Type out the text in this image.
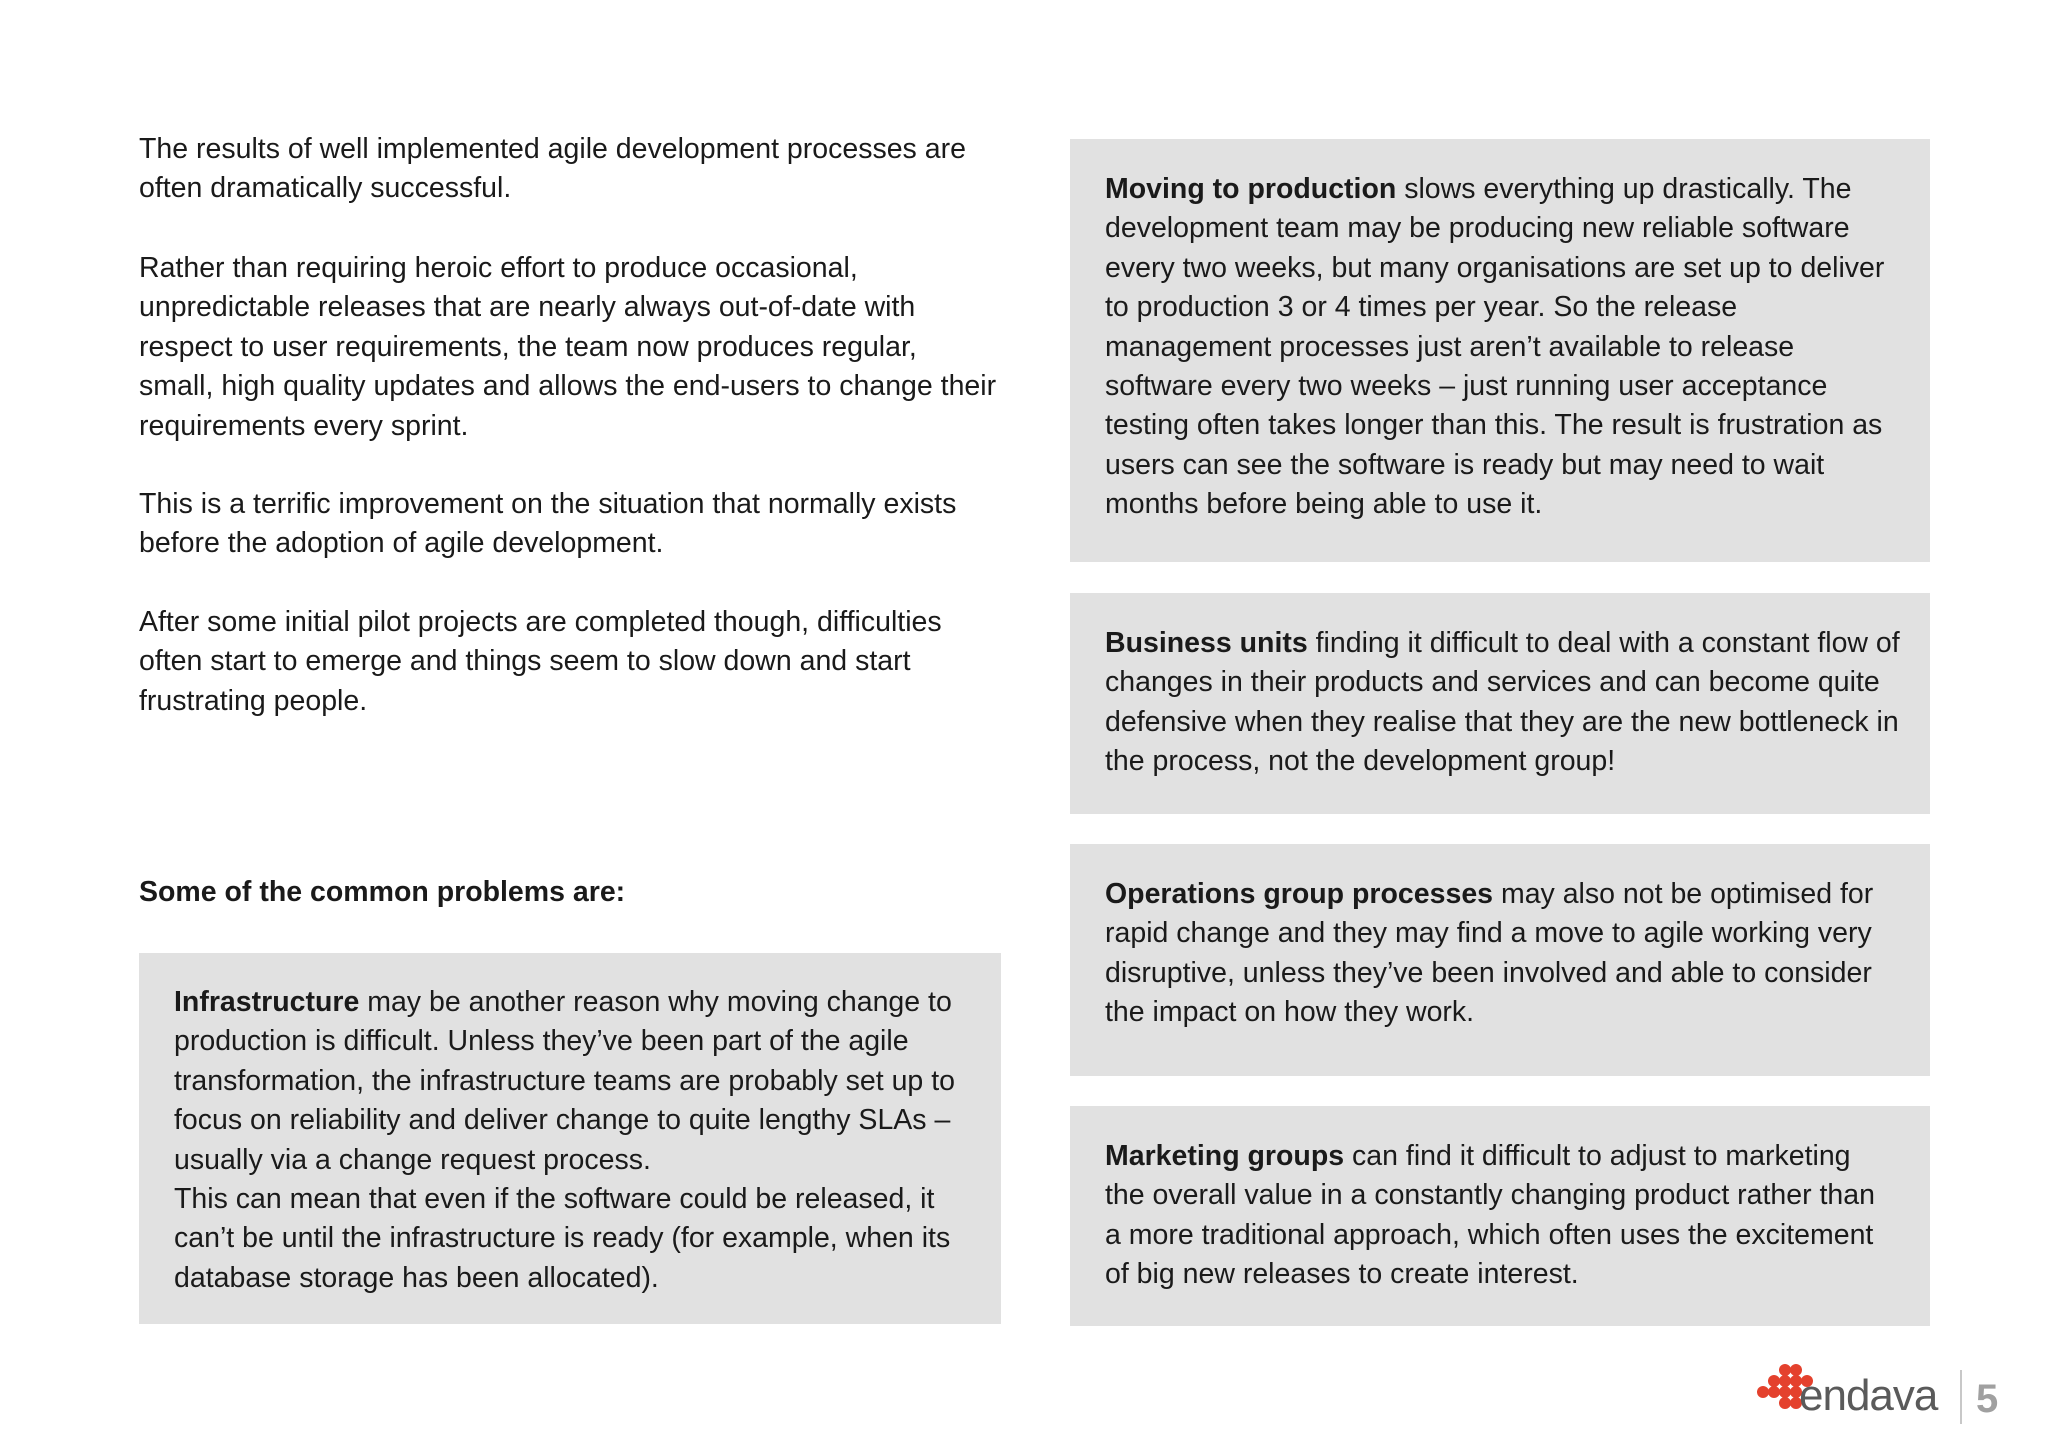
The results of well implemented agile development processes are often dramatically successful.

Rather than requiring heroic effort to produce occasional, unpredictable releases that are nearly always out-of-date with respect to user requirements, the team now produces regular, small, high quality updates and allows the end-users to change their requirements every sprint.

This is a terrific improvement on the situation that normally exists before the adoption of agile development.

After some initial pilot projects are completed though, difficulties often start to emerge and things seem to slow down and start frustrating people.

Some of the common problems are:

Infrastructure may be another reason why moving change to production is difficult. Unless they’ve been part of the agile transformation, the infrastructure teams are probably set up to focus on reliability and deliver change to quite lengthy SLAs – usually via a change request process.

This can mean that even if the software could be released, it can’t be until the infrastructure is ready (for example, when its database storage has been allocated).

Moving to production slows everything up drastically. The development team may be producing new reliable software every two weeks, but many organisations are set up to deliver to production 3 or 4 times per year. So the release management processes just aren’t available to release software every two weeks – just running user acceptance testing often takes longer than this. The result is frustration as users can see the software is ready but may need to wait months before being able to use it.

Business units finding it difficult to deal with a constant flow of changes in their products and services and can become quite defensive when they realise that they are the new bottleneck in the process, not the development group!

Operations group processes may also not be optimised for rapid change and they may find a move to agile working very disruptive, unless they’ve been involved and able to consider the impact on how they work.

Marketing groups can find it difficult to adjust to marketing the overall value in a constantly changing product rather than a more traditional approach, which often uses the excitement of big new releases to create interest.

endava 5
